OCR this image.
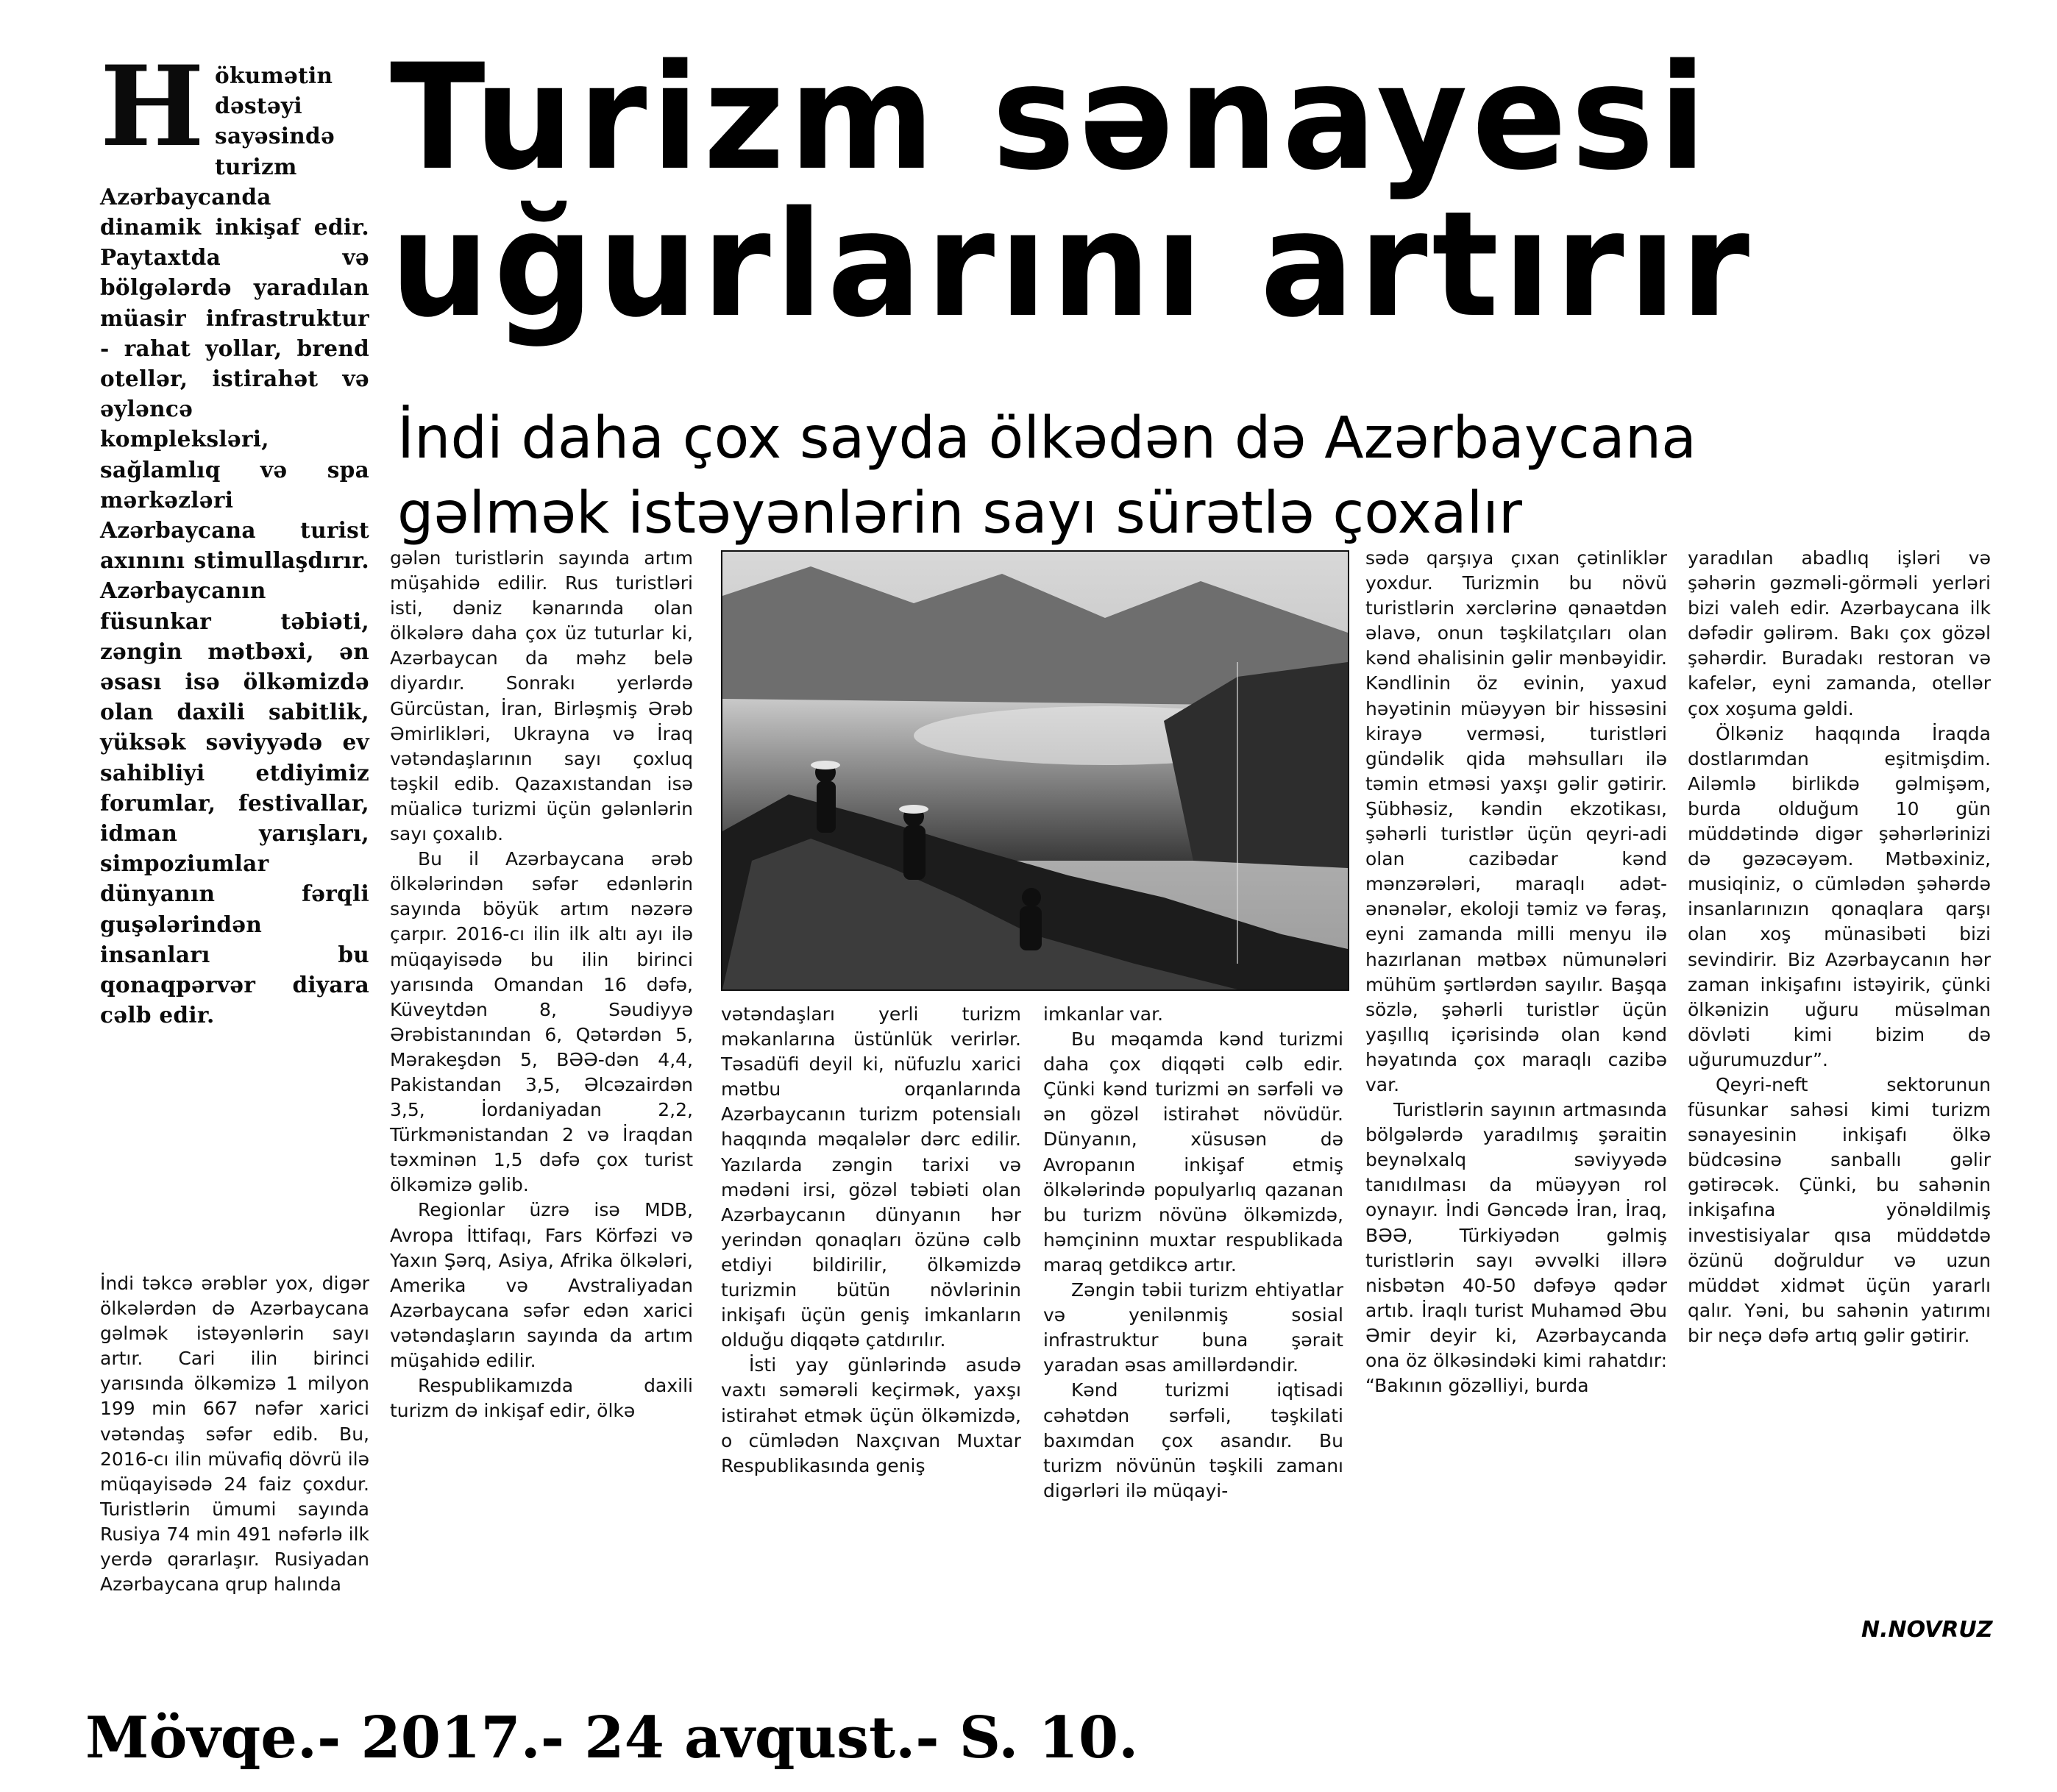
Hökumətin dəstəyi sayəsində turizm Azərbaycanda dinamik inkişaf edir. Paytaxtda və bölgələrdə yaradılan müasir infrastruktur - rahat yollar, brend otellər, istirahət və əyləncə kompleksləri, sağlamlıq və spa mərkəzləri Azərbaycana turist axınını stimullaşdırır. Azərbaycanın füsunkar təbiəti, zəngin mətbəxi, ən əsası isə ölkəmizdə olan daxili sabitlik, yüksək səviyyədə ev sahibliyi etdiyimiz forumlar, festivallar, idman yarışları, simpoziumlar dünyanın fərqli guşələrindən insanları bu qonaqpərvər diyara cəlb edir.

İndi təkcə ərəblər yox, digər ölkələrdən də Azərbaycana gəlmək istəyənlərin sayı artır. Cari ilin birinci yarısında ölkəmizə 1 milyon 199 min 667 nəfər xarici vətəndaş səfər edib. Bu, 2016-cı ilin müvafiq dövrü ilə müqayisədə 24 faiz çoxdur. Turistlərin ümumi sayında Rusiya 74 min 491 nəfərlə ilk yerdə qərarlaşır. Rusiyadan Azərbaycana qrup halında

Turizm sənayesi
uğurlarını artırır
İndi daha çox sayda ölkədən də Azərbaycana
gəlmək istəyənlərin sayı sürətlə çoxalır

gələn turistlərin sayında artım müşahidə edilir. Rus turistləri isti, dəniz kənarında olan ölkələrə daha çox üz tuturlar ki, Azərbaycan da məhz belə diyardır. Sonrakı yerlərdə Gürcüstan, İran, Birləşmiş Ərəb Əmirlikləri, Ukrayna və İraq vətəndaşlarının sayı çoxluq təşkil edib. Qazaxıstandan isə müalicə turizmi üçün gələnlərin sayı çoxalıb.

Bu il Azərbaycana ərəb ölkələrindən səfər edənlərin sayında böyük artım nəzərə çarpır. 2016-cı ilin ilk altı ayı ilə müqayisədə bu ilin birinci yarısında Omandan 16 dəfə, Küveytdən 8, Səudiyyə Ərəbistanından 6, Qətərdən 5, Mərakeşdən 5, BƏƏ-dən 4,4, Pakistandan 3,5, Əlcəzairdən 3,5, İordaniyadan 2,2, Türkmənistandan 2 və İraqdan təxminən 1,5 dəfə çox turist ölkəmizə gəlib.

Regionlar üzrə isə MDB, Avropa İttifaqı, Fars Körfəzi və Yaxın Şərq, Asiya, Afrika ölkələri, Amerika və Avstraliyadan Azərbaycana səfər edən xarici vətəndaşların sayında da artım müşahidə edilir.

Respublikamızda daxili turizm də inkişaf edir, ölkə

vətəndaşları yerli turizm məkanlarına üstünlük verirlər. Təsadüfi deyil ki, nüfuzlu xarici mətbu orqanlarında Azərbaycanın turizm potensialı haqqında məqalələr dərc edilir. Yazılarda zəngin tarixi və mədəni irsi, gözəl təbiəti olan Azərbaycanın dünyanın hər yerindən qonaqları özünə cəlb etdiyi bildirilir, ölkəmizdə turizmin bütün növlərinin inkişafı üçün geniş imkanların olduğu diqqətə çatdırılır.

İsti yay günlərində asudə vaxtı səmərəli keçirmək, yaxşı istirahət etmək üçün ölkəmizdə, o cümlədən Naxçıvan Muxtar Respublikasında geniş

imkanlar var.

Bu məqamda kənd turizmi daha çox diqqəti cəlb edir. Çünki kənd turizmi ən sərfəli və ən gözəl istirahət növüdür. Dünyanın, xüsusən də Avropanın inkişaf etmiş ölkələrində populyarlıq qazanan bu turizm növünə ölkəmizdə, həmçininn muxtar respublikada maraq getdikcə artır.

Zəngin təbii turizm ehtiyatlar və yenilənmiş sosial infrastruktur buna şərait yaradan əsas amillərdəndir.

Kənd turizmi iqtisadi cəhətdən sərfəli, təşkilati baxımdan çox asandır. Bu turizm növünün təşkili zamanı digərləri ilə müqayi-

sədə qarşıya çıxan çətinliklər yoxdur. Turizmin bu növü turistlərin xərclərinə qənaətdən əlavə, onun təşkilatçıları olan kənd əhalisinin gəlir mənbəyidir. Kəndlinin öz evinin, yaxud həyətinin müəyyən bir hissəsini kirayə verməsi, turistləri gündəlik qida məhsulları ilə təmin etməsi yaxşı gəlir gətirir. Şübhəsiz, kəndin ekzotikası, şəhərli turistlər üçün qeyri-adi olan cazibədar kənd mənzərələri, maraqlı adət-ənənələr, ekoloji təmiz və fəraş, eyni zamanda milli menyu ilə hazırlanan mətbəx nümunələri mühüm şərtlərdən sayılır. Başqa sözlə, şəhərli turistlər üçün yaşıllıq içərisində olan kənd həyatında çox maraqlı cazibə var.

Turistlərin sayının artmasında bölgələrdə yaradılmış şəraitin beynəlxalq səviyyədə tanıdılması da müəyyən rol oynayır. İndi Gəncədə İran, İraq, BƏƏ, Türkiyədən gəlmiş turistlərin sayı əvvəlki illərə nisbətən 40-50 dəfəyə qədər artıb. İraqlı turist Muhaməd Əbu Əmir deyir ki, Azərbaycanda ona öz ölkəsindəki kimi rahatdır: “Bakının gözəlliyi, burda

yaradılan abadlıq işləri və şəhərin gəzməli-görməli yerləri bizi valeh edir. Azərbaycana ilk dəfədir gəlirəm. Bakı çox gözəl şəhərdir. Buradakı restoran və kafelər, eyni zamanda, otellər çox xoşuma gəldi.

Ölkəniz haqqında İraqda dostlarımdan eşitmişdim. Ailəmlə birlikdə gəlmişəm, burda olduğum 10 gün müddətində digər şəhərlərinizi də gəzəcəyəm. Mətbəxiniz, musiqiniz, o cümlədən şəhərdə insanlarınızın qonaqlara qarşı olan xoş münasibəti bizi sevindirir. Biz Azərbaycanın hər zaman inkişafını istəyirik, çünki ölkənizin uğuru müsəlman dövləti kimi bizim də uğurumuzdur”.

Qeyri-neft sektorunun füsunkar sahəsi kimi turizm sənayesinin inkişafı ölkə büdcəsinə sanballı gəlir gətirəcək. Çünki, bu sahənin inkişafına yönəldilmiş investisiyalar qısa müddətdə özünü doğruldur və uzun müddət xidmət üçün yararlı qalır. Yəni, bu sahənin yatırımı bir neçə dəfə artıq gəlir gətirir.

N.NOVRUZ
Mövqe.- 2017.- 24 avqust.- S. 10.
